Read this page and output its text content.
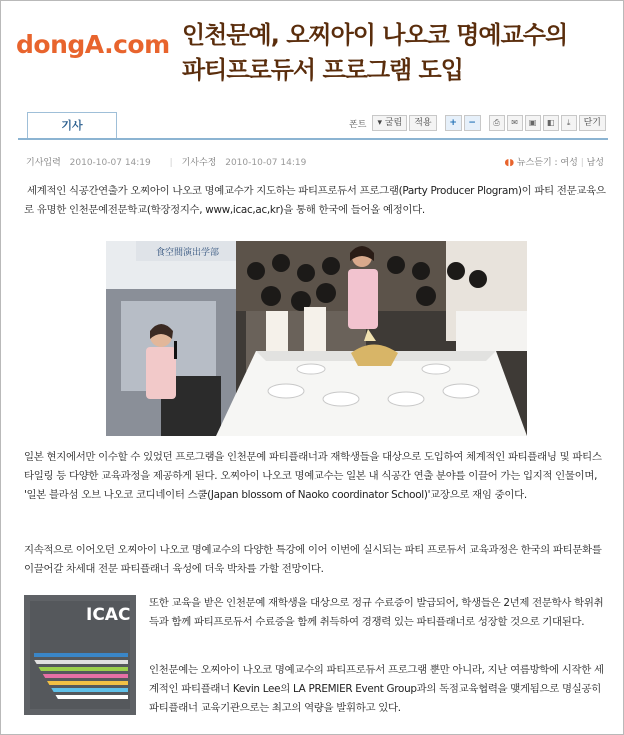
dongA.com 인천문예, 오찌아이 나오코 명예교수의
파티프로듀서 프로그램 도입
기사	폰트	▾ 굴림	적용	+	−	⎙	✉	▣	◧	⤓	닫기
기사입력 2010-10-07 14:19 | 기사수정 2010-10-07 14:19	◖◗ 뉴스듣기 : 여성 | 남성

세계적인 식공간연출가 오찌아이 나오코 명예교수가 지도하는 파티프로듀서 프로그램(Party Producer Plogram)이 파티 전문교육으로 유명한 인천문예전문학교(학장정지수, www,icac,ac,kr)을 통해 한국에 들어올 예정이다.

食空間演出学部

일본 현지에서만 이수할 수 있었던 프로그램을 인천문예 파티플래너과 재학생들을 대상으로 도입하여 체계적인 파티플래닝 및 파티스타일링 등 다양한 교육과정을 제공하게 된다. 오찌아이 나오코 명예교수는 일본 내 식공간 연출 분야를 이끌어 가는 입지적 인물이며, '일본 블라섬 오브 나오코 코디네이터 스쿨(Japan blossom of Naoko coordinator School)'교장으로 재임 중이다.

지속적으로 이어오던 오찌아이 나오코 명예교수의 다양한 특강에 이어 이번에 실시되는 파티 프로듀서 교육과정은 한국의 파티문화를 이끌어갈 차세대 전문 파티플래너 육성에 더욱 박차를 가할 전망이다.

ICAC

또한 교육을 받은 인천문예 재학생을 대상으로 정규 수료증이 발급되어, 학생들은 2년제 전문학사 학위취득과 함께 파티프로듀서 수료증을 함께 취득하여 경쟁력 있는 파티플래너로 성장할 것으로 기대된다.

인천문예는 오찌아이 나오코 명예교수의 파티프로듀서 프로그램 뿐만 아니라, 지난 여름방학에 시작한 세계적인 파티플래너 Kevin Lee의 LA PREMIER Event Group과의 독점교육협력을 맺게됨으로 명실공히 파티플래너 교육기관으로는 최고의 역량을 발휘하고 있다.
